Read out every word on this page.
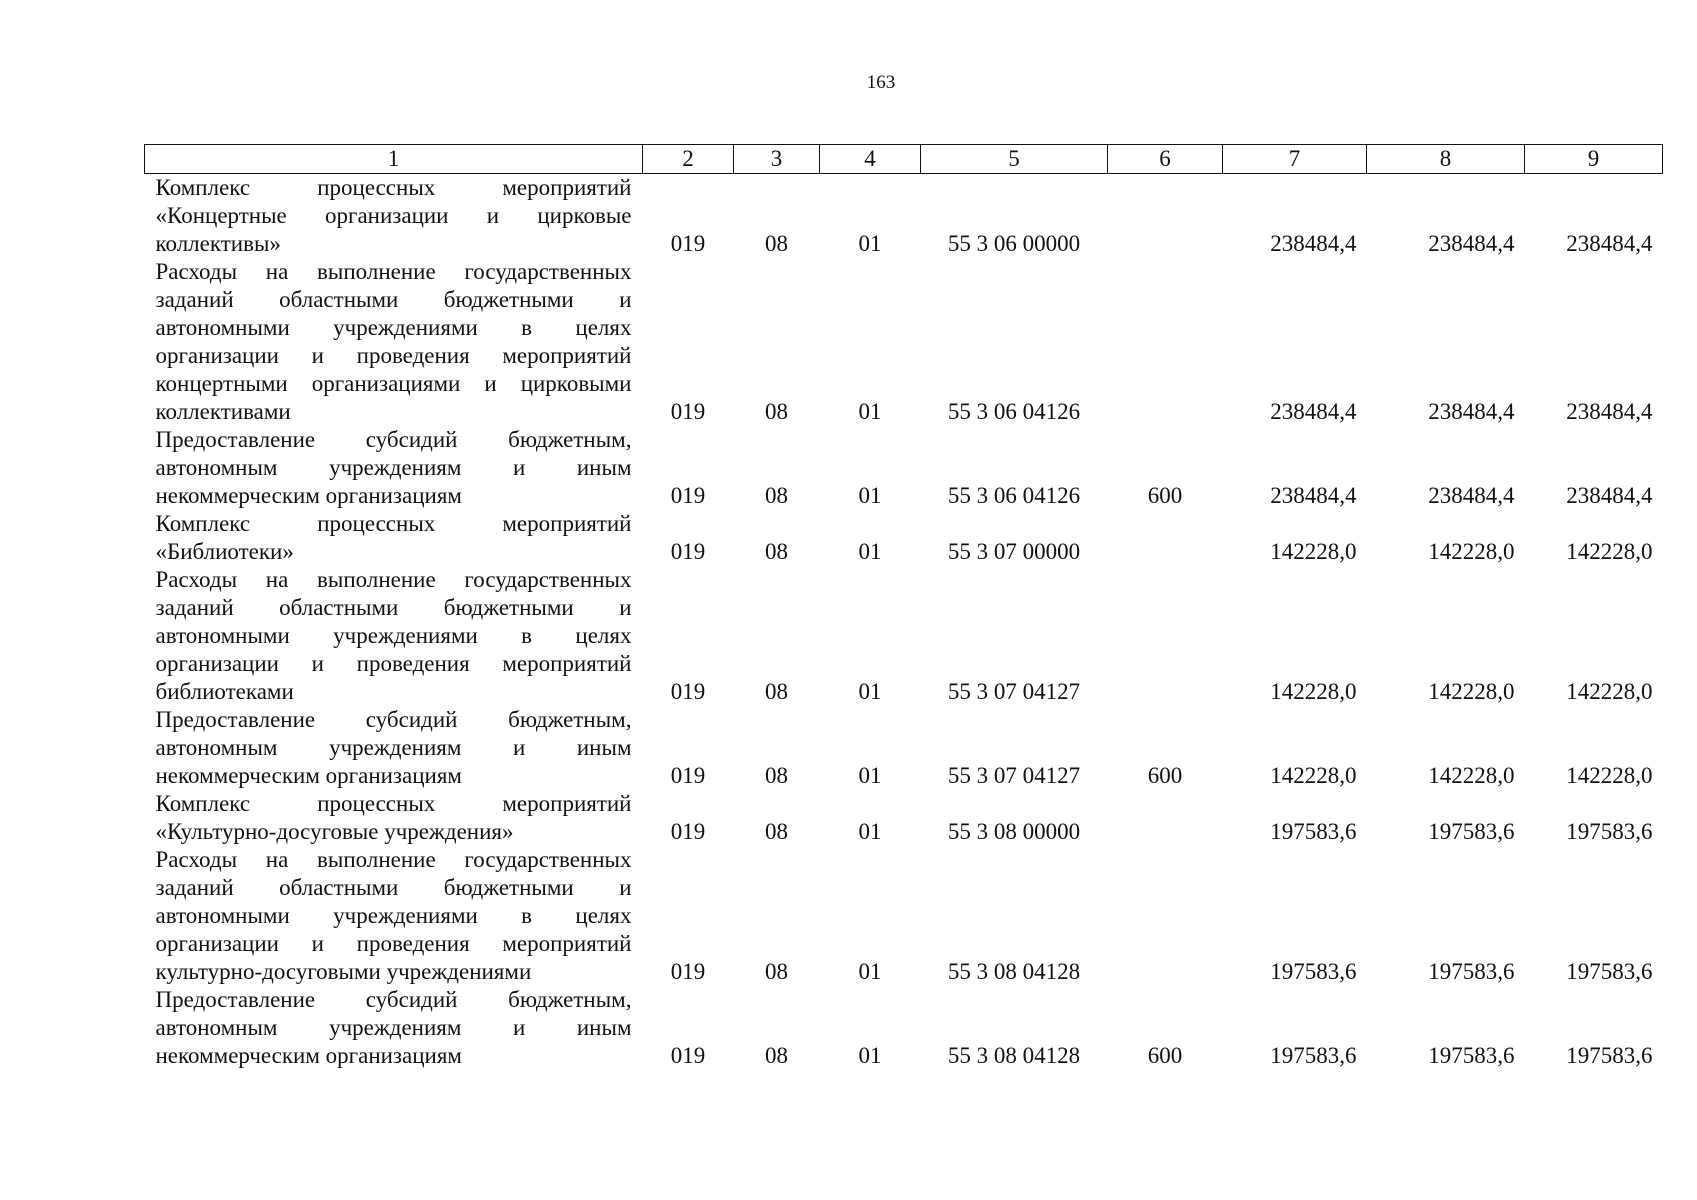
163
1	2	3	4	5	6	7	8	9
Комплекс процессных мероприятий «Концертные организации и цирковые коллективы»	019	08	01	55 3 06 00000		238484,4	238484,4	238484,4
Расходы на выполнение государственных заданий областными бюджетными и автономными учреждениями в целях организации и проведения мероприятий концертными организациями и цирковыми коллективами	019	08	01	55 3 06 04126		238484,4	238484,4	238484,4
Предоставление субсидий бюджетным, автономным учреждениям и иным некоммерческим организациям	019	08	01	55 3 06 04126	600	238484,4	238484,4	238484,4
Комплекс процессных мероприятий «Библиотеки»	019	08	01	55 3 07 00000		142228,0	142228,0	142228,0
Расходы на выполнение государственных заданий областными бюджетными и автономными учреждениями в целях организации и проведения мероприятий библиотеками	019	08	01	55 3 07 04127		142228,0	142228,0	142228,0
Предоставление субсидий бюджетным, автономным учреждениям и иным некоммерческим организациям	019	08	01	55 3 07 04127	600	142228,0	142228,0	142228,0
Комплекс процессных мероприятий «Культурно-досуговые учреждения»	019	08	01	55 3 08 00000		197583,6	197583,6	197583,6
Расходы на выполнение государственных заданий областными бюджетными и автономными учреждениями в целях организации и проведения мероприятий культурно-досуговыми учреждениями	019	08	01	55 3 08 04128		197583,6	197583,6	197583,6
Предоставление субсидий бюджетным, автономным учреждениям и иным некоммерческим организациям	019	08	01	55 3 08 04128	600	197583,6	197583,6	197583,6
